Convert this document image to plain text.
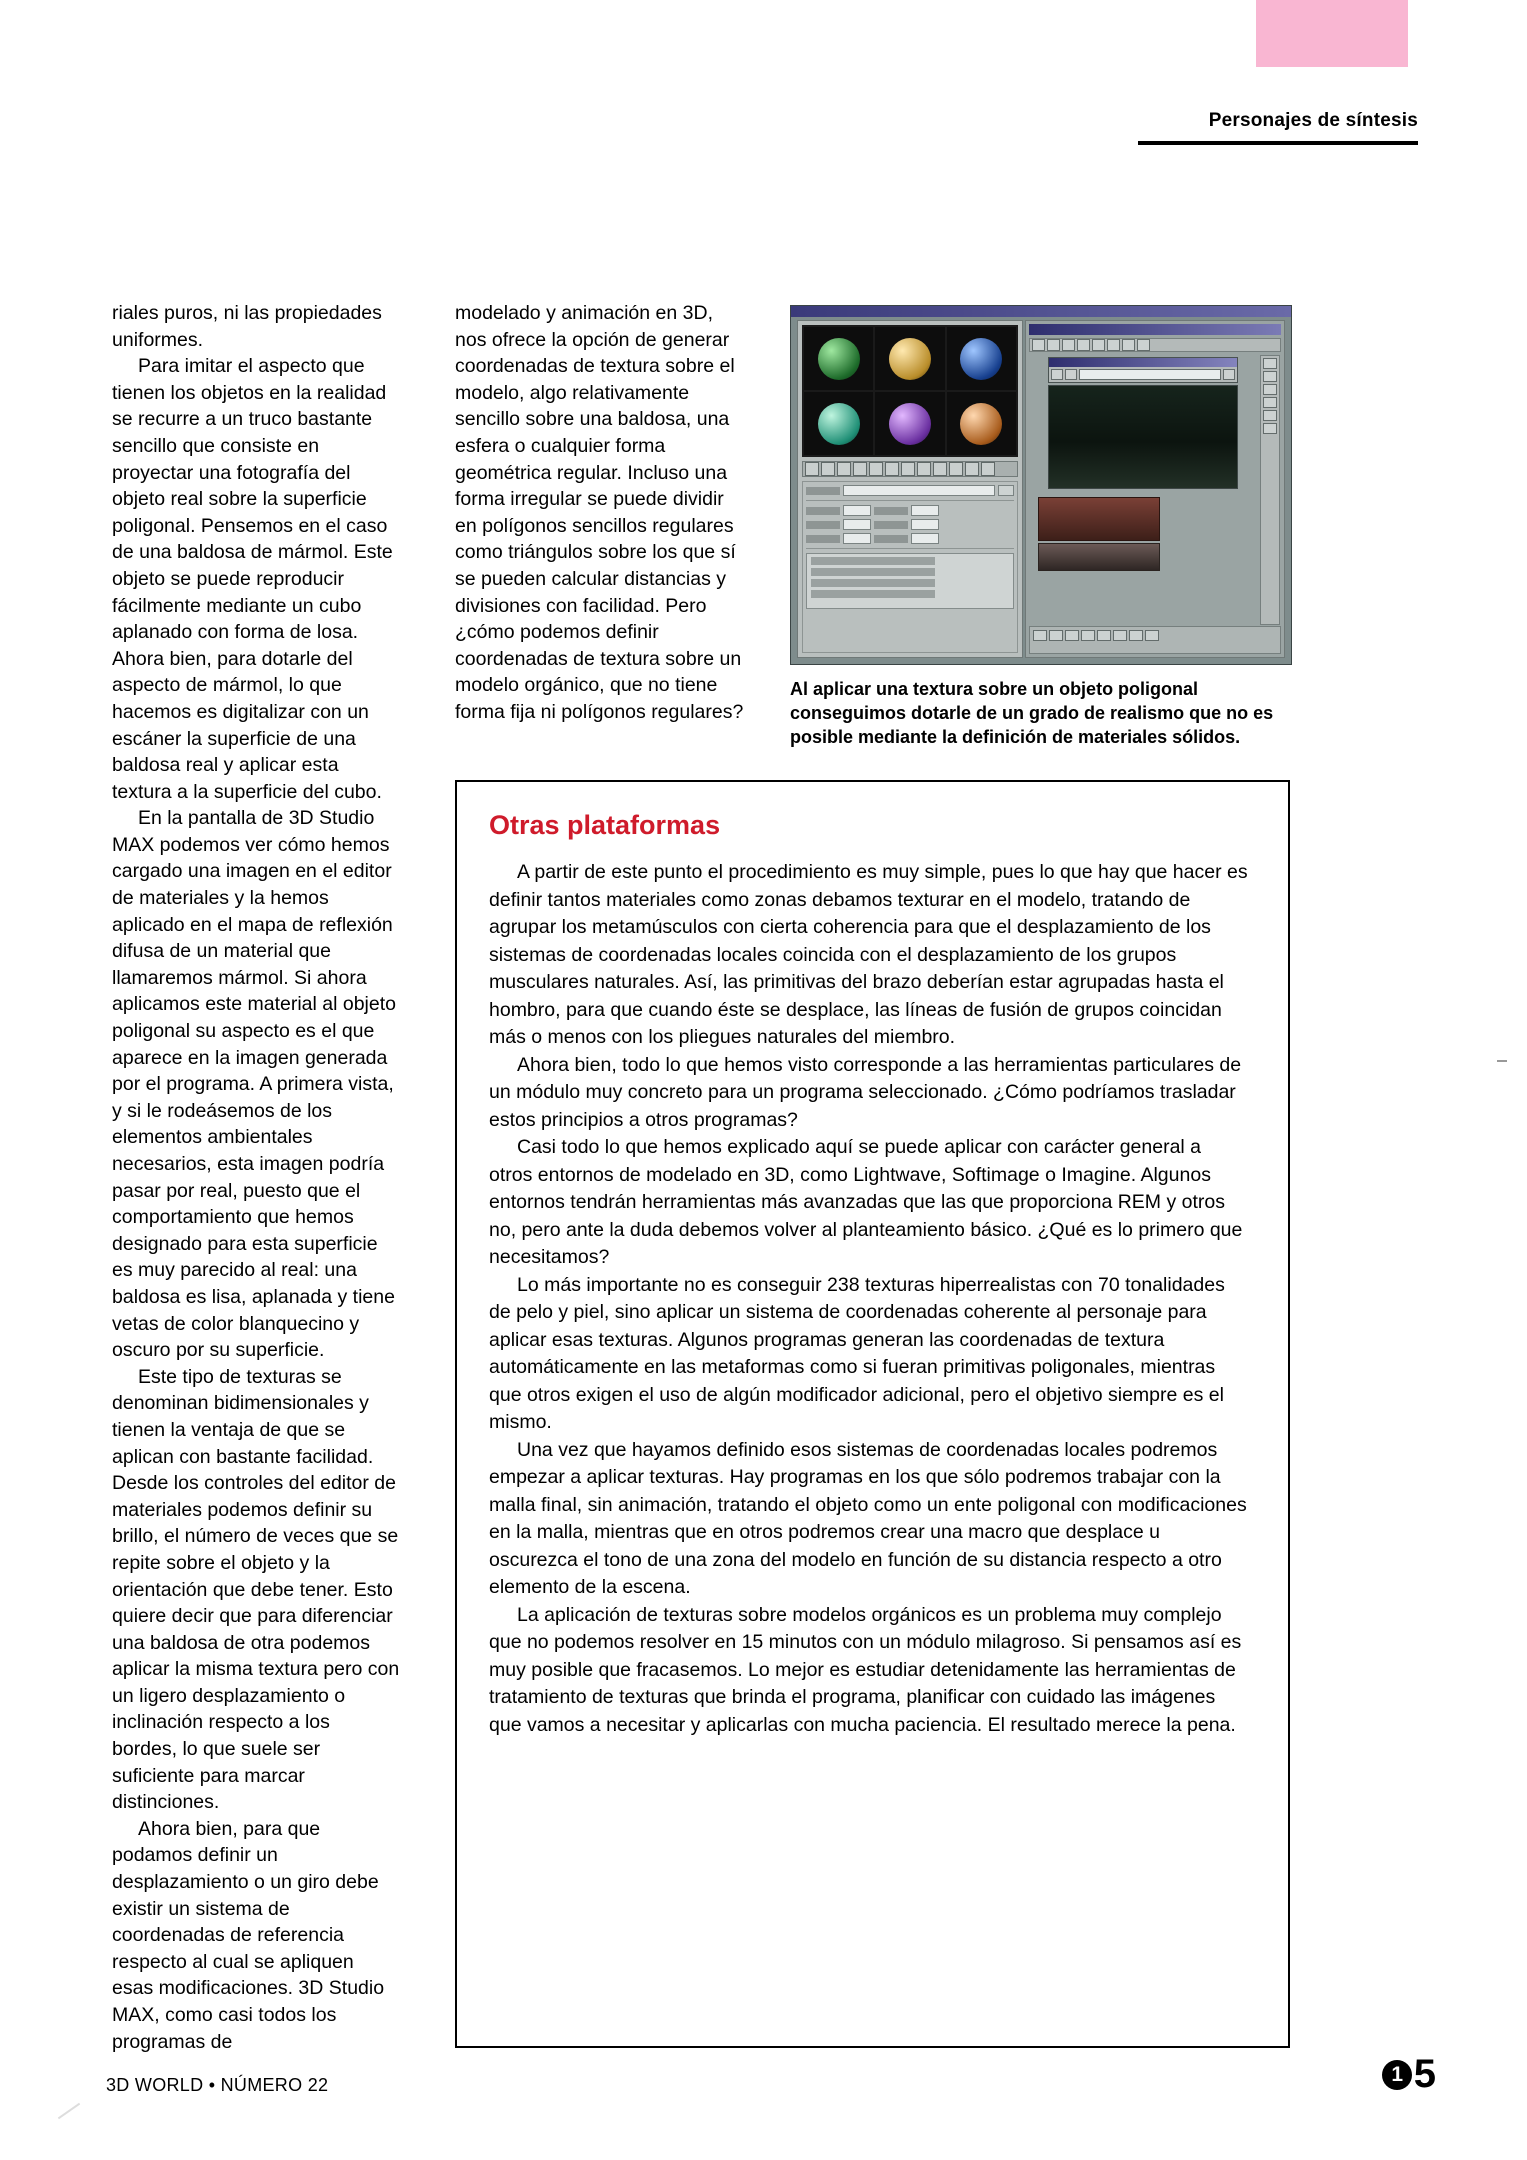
Personajes de síntesis

riales puros, ni las propiedades uniformes.

Para imitar el aspecto que tienen los objetos en la realidad se recurre a un truco bastante sencillo que consiste en proyectar una fotografía del objeto real sobre la superficie poligonal. Pensemos en el caso de una baldosa de mármol. Este objeto se puede reproducir fácilmente mediante un cubo aplanado con forma de losa. Ahora bien, para dotarle del aspecto de mármol, lo que hacemos es digitalizar con un escáner la superficie de una baldosa real y aplicar esta textura a la superficie del cubo.

En la pantalla de 3D Studio MAX podemos ver cómo hemos cargado una imagen en el editor de materiales y la hemos aplicado en el mapa de reflexión difusa de un material que llamaremos mármol. Si ahora aplicamos este material al objeto poligonal su aspecto es el que aparece en la imagen generada por el programa. A primera vista, y si le rodeásemos de los elementos ambientales necesarios, esta imagen podría pasar por real, puesto que el comportamiento que hemos designado para esta superficie es muy parecido al real: una baldosa es lisa, aplanada y tiene vetas de color blanquecino y oscuro por su superficie.

Este tipo de texturas se denominan bidimensionales y tienen la ventaja de que se aplican con bastante facilidad. Desde los controles del editor de materiales podemos definir su brillo, el número de veces que se repite sobre el objeto y la orientación que debe tener. Esto quiere decir que para diferenciar una baldosa de otra podemos aplicar la misma textura pero con un ligero desplazamiento o inclinación respecto a los bordes, lo que suele ser suficiente para marcar distinciones.

Ahora bien, para que podamos definir un desplazamiento o un giro debe existir un sistema de coordenadas de referencia respecto al cual se apliquen esas modificaciones. 3D Studio MAX, como casi todos los programas de

modelado y animación en 3D, nos ofrece la opción de generar coordenadas de textura sobre el modelo, algo relativamente sencillo sobre una baldosa, una esfera o cualquier forma geométrica regular. Incluso una forma irregular se puede dividir en polígonos sencillos regulares como triángulos sobre los que sí se pueden calcular distancias y divisiones con facilidad. Pero ¿cómo podemos definir coordenadas de textura sobre un modelo orgánico, que no tiene forma fija ni polígonos regulares?

Al aplicar una textura sobre un objeto poligonal conseguimos dotarle de un grado de realismo que no es posible mediante la definición de materiales sólidos.
Otras plataformas

A partir de este punto el procedimiento es muy simple, pues lo que hay que hacer es definir tantos materiales como zonas debamos texturar en el modelo, tratando de agrupar los metamúsculos con cierta coherencia para que el desplazamiento de los sistemas de coordenadas locales coincida con el desplazamiento de los grupos musculares naturales. Así, las primitivas del brazo deberían estar agrupadas hasta el hombro, para que cuando éste se desplace, las líneas de fusión de grupos coincidan más o menos con los pliegues naturales del miembro.

Ahora bien, todo lo que hemos visto corresponde a las herramientas particulares de un módulo muy concreto para un programa seleccionado. ¿Cómo podríamos trasladar estos principios a otros programas?

Casi todo lo que hemos explicado aquí se puede aplicar con carácter general a otros entornos de modelado en 3D, como Lightwave, Softimage o Imagine. Algunos entornos tendrán herramientas más avanzadas que las que proporciona REM y otros no, pero ante la duda debemos volver al planteamiento básico. ¿Qué es lo primero que necesitamos?

Lo más importante no es conseguir 238 texturas hiperrealistas con 70 tonalidades de pelo y piel, sino aplicar un sistema de coordenadas coherente al personaje para aplicar esas texturas. Algunos programas generan las coordenadas de textura automáticamente en las metaformas como si fueran primitivas poligonales, mientras que otros exigen el uso de algún modificador adicional, pero el objetivo siempre es el mismo.

Una vez que hayamos definido esos sistemas de coordenadas locales podremos empezar a aplicar texturas. Hay programas en los que sólo podremos trabajar con la malla final, sin animación, tratando el objeto como un ente poligonal con modificaciones en la malla, mientras que en otros podremos crear una macro que desplace u oscurezca el tono de una zona del modelo en función de su distancia respecto a otro elemento de la escena.

La aplicación de texturas sobre modelos orgánicos es un problema muy complejo que no podemos resolver en 15 minutos con un módulo milagroso. Si pensamos así es muy posible que fracasemos. Lo mejor es estudiar detenidamente las herramientas de tratamiento de texturas que brinda el programa, planificar con cuidado las imágenes que vamos a necesitar y aplicarlas con mucha paciencia. El resultado merece la pena.

3D WORLD • NÚMERO 22	1 5
